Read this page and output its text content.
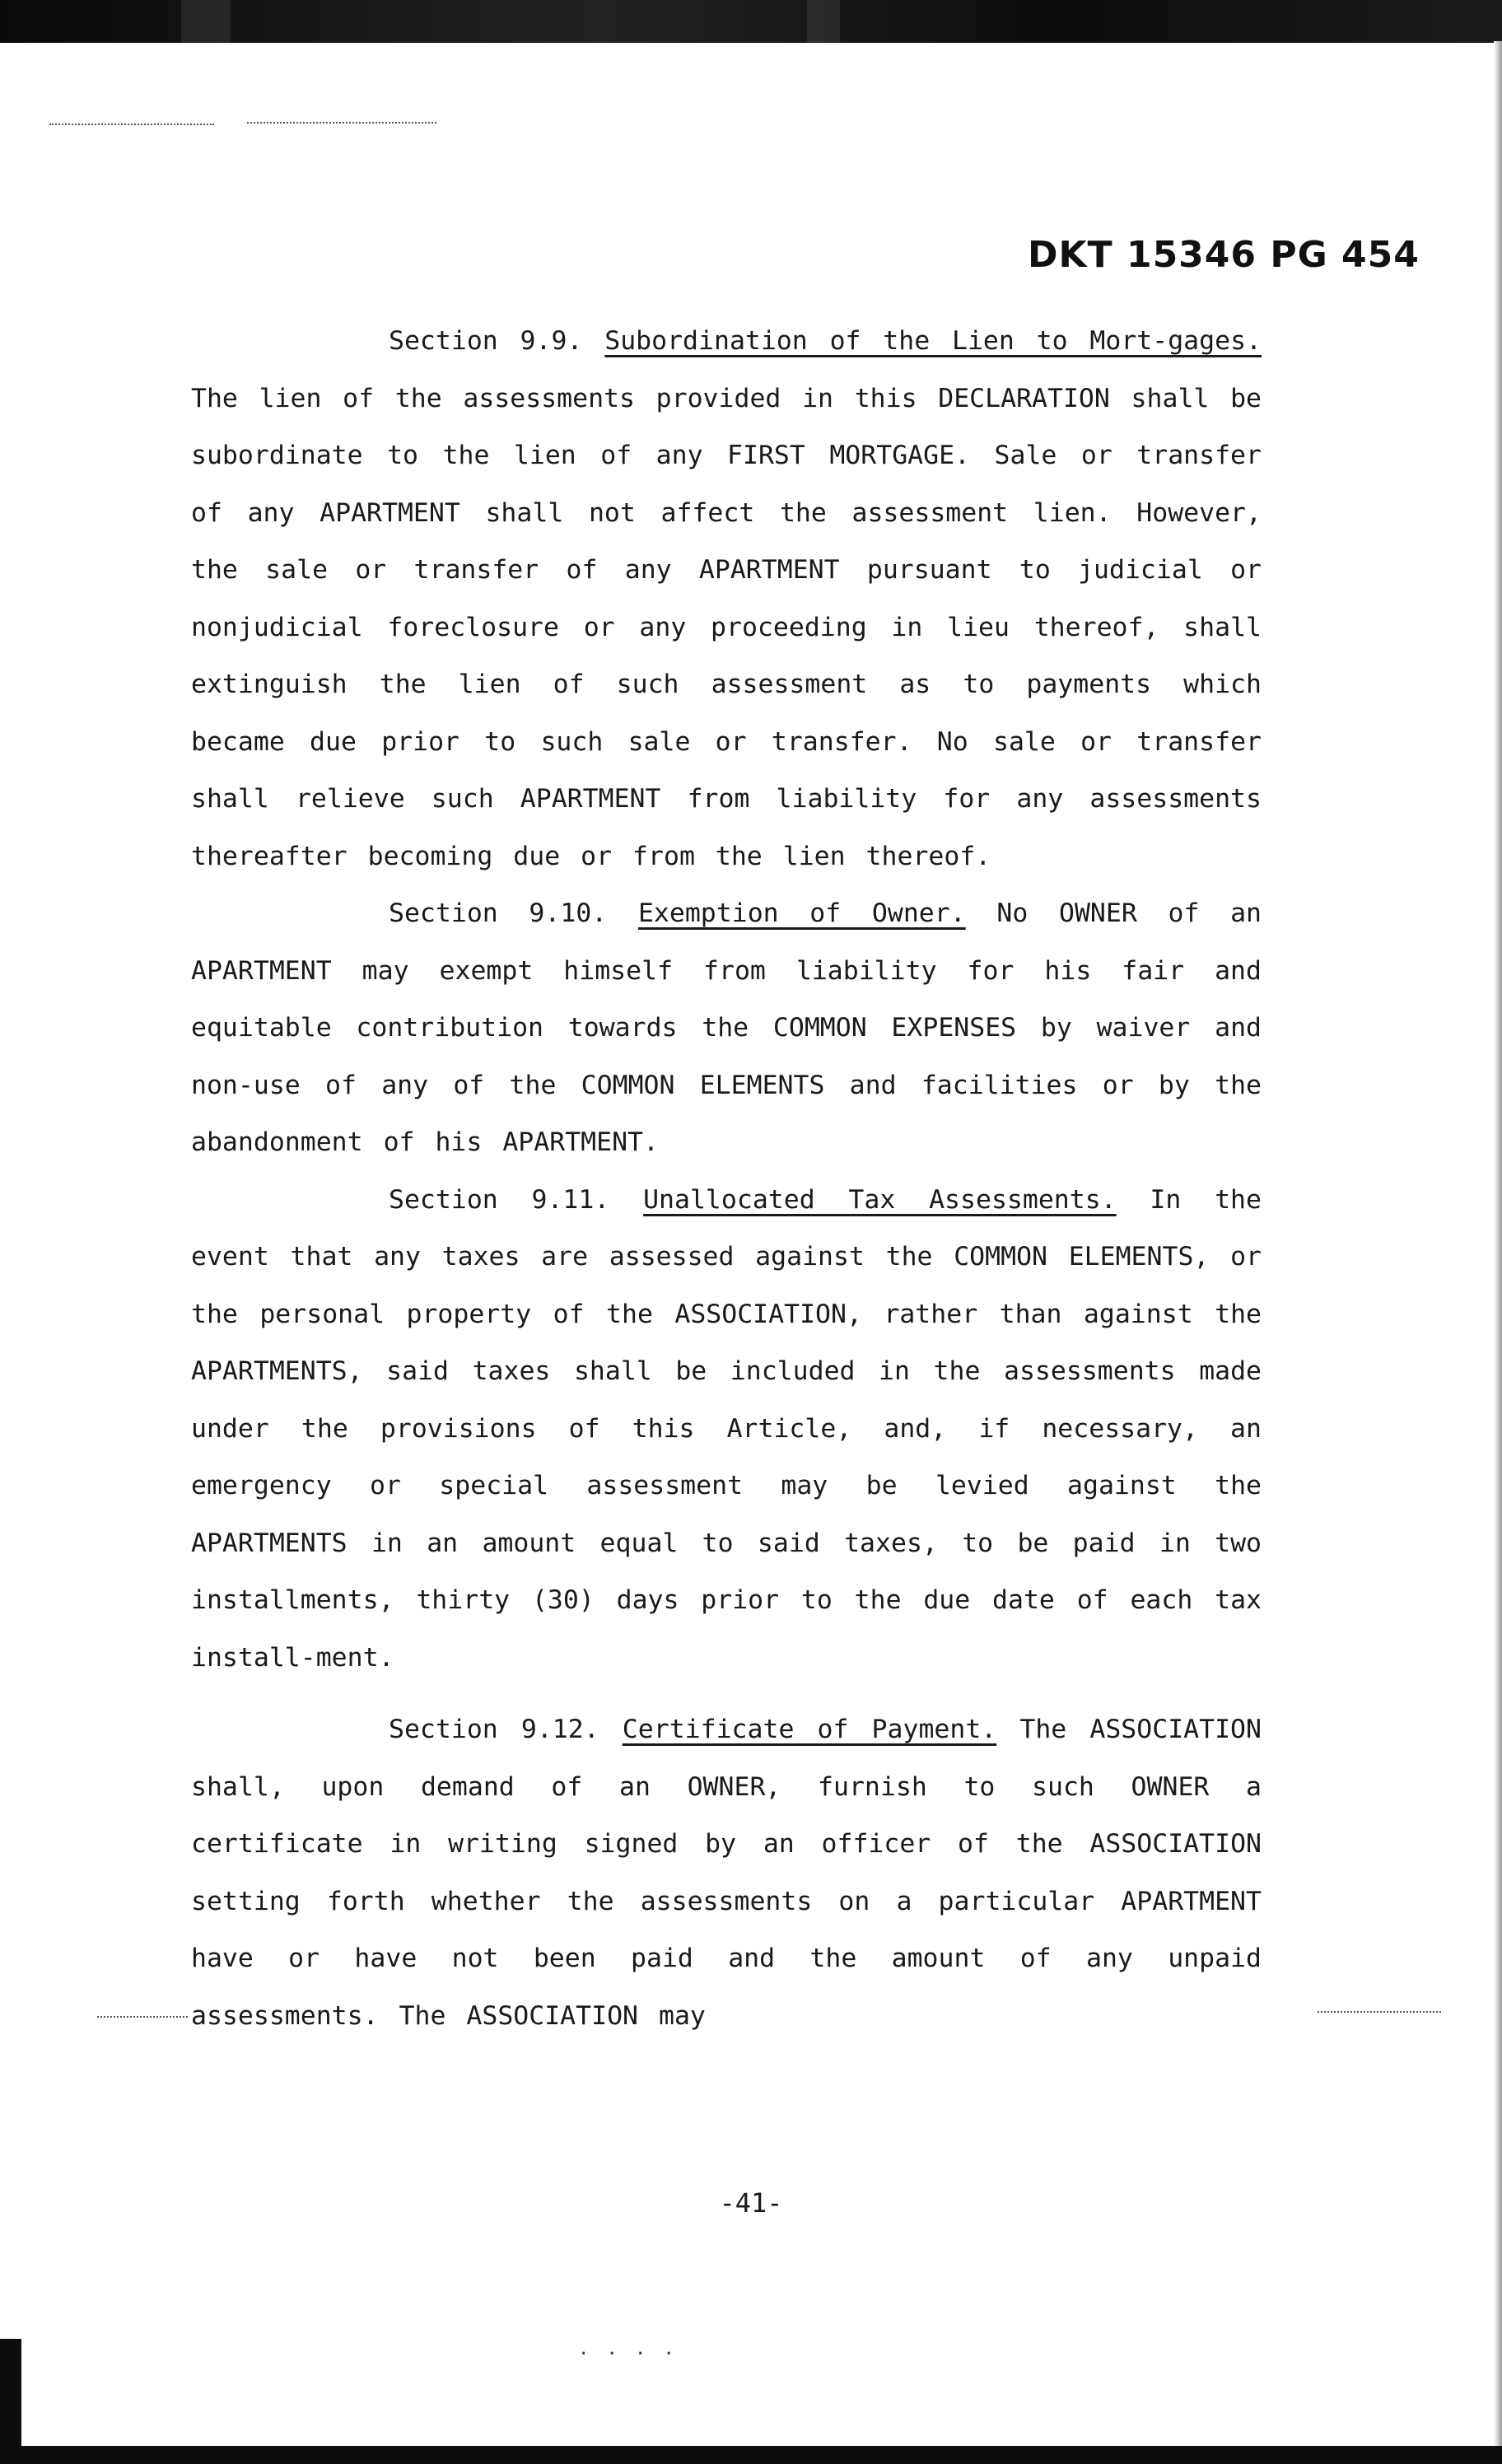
DKT 15346 PG 454

Section 9.9. Subordination of the Lien to Mort-gages. The lien of the assessments provided in this DECLARATION shall be subordinate to the lien of any FIRST MORTGAGE. Sale or transfer of any APARTMENT shall not affect the assessment lien. However, the sale or transfer of any APARTMENT pursuant to judicial or nonjudicial foreclosure or any proceeding in lieu thereof, shall extinguish the lien of such assessment as to payments which became due prior to such sale or transfer. No sale or transfer shall relieve such APARTMENT from liability for any assessments thereafter becoming due or from the lien thereof.

Section 9.10. Exemption of Owner. No OWNER of an APARTMENT may exempt himself from liability for his fair and equitable contribution towards the COMMON EXPENSES by waiver and non-use of any of the COMMON ELEMENTS and facilities or by the abandonment of his APARTMENT.

Section 9.11. Unallocated Tax Assessments. In the event that any taxes are assessed against the COMMON ELEMENTS, or the personal property of the ASSOCIATION, rather than against the APARTMENTS, said taxes shall be included in the assessments made under the provisions of this Article, and, if necessary, an emergency or special assessment may be levied against the APARTMENTS in an amount equal to said taxes, to be paid in two installments, thirty (30) days prior to the due date of each tax install-ment.

Section 9.12. Certificate of Payment. The ASSOCIATION shall, upon demand of an OWNER, furnish to such OWNER a certificate in writing signed by an officer of the ASSOCIATION setting forth whether the assessments on a particular APARTMENT have or have not been paid and the amount of any unpaid assessments. The ASSOCIATION may

-41-
· · · ·
